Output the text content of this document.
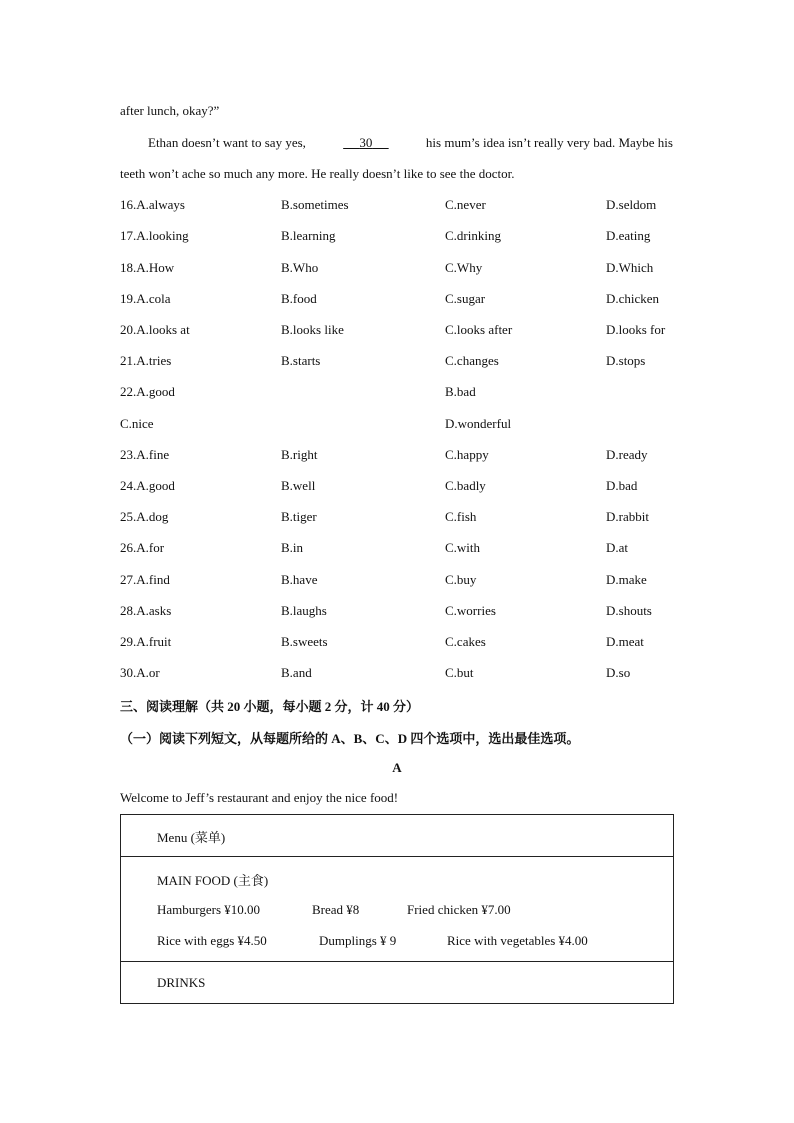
after lunch, okay?”
Ethan doesn’t want to say yes,	30	his mum’s idea isn’t really very bad. Maybe his
teeth won’t ache so much any more. He really doesn’t like to see the doctor.
16.A.always	B.sometimes	C.never	D.seldom
17.A.looking	B.learning	C.drinking	D.eating
18.A.How	B.Who	C.Why	D.Which
19.A.cola	B.food	C.sugar	D.chicken
20.A.looks at	B.looks like	C.looks after	D.looks for
21.A.tries	B.starts	C.changes	D.stops
22.A.good	B.bad
C.nice	D.wonderful
23.A.fine	B.right	C.happy	D.ready
24.A.good	B.well	C.badly	D.bad
25.A.dog	B.tiger	C.fish	D.rabbit
26.A.for	B.in	C.with	D.at
27.A.find	B.have	C.buy	D.make
28.A.asks	B.laughs	C.worries	D.shouts
29.A.fruit	B.sweets	C.cakes	D.meat
30.A.or	B.and	C.but	D.so
三、阅读理解（共 20 小题，每小题 2 分，计 40 分）
（一）阅读下列短文，从每题所给的 A、B、C、D 四个选项中，选出最佳选项。
A
Welcome to Jeff’s restaurant and enjoy the nice food!
Menu (菜单)
MAIN FOOD (主食)
Hamburgers ¥10.00	Bread ¥8	Fried chicken ¥7.00
Rice with eggs ¥4.50	Dumplings ¥ 9	Rice with vegetables ¥4.00
DRINKS
